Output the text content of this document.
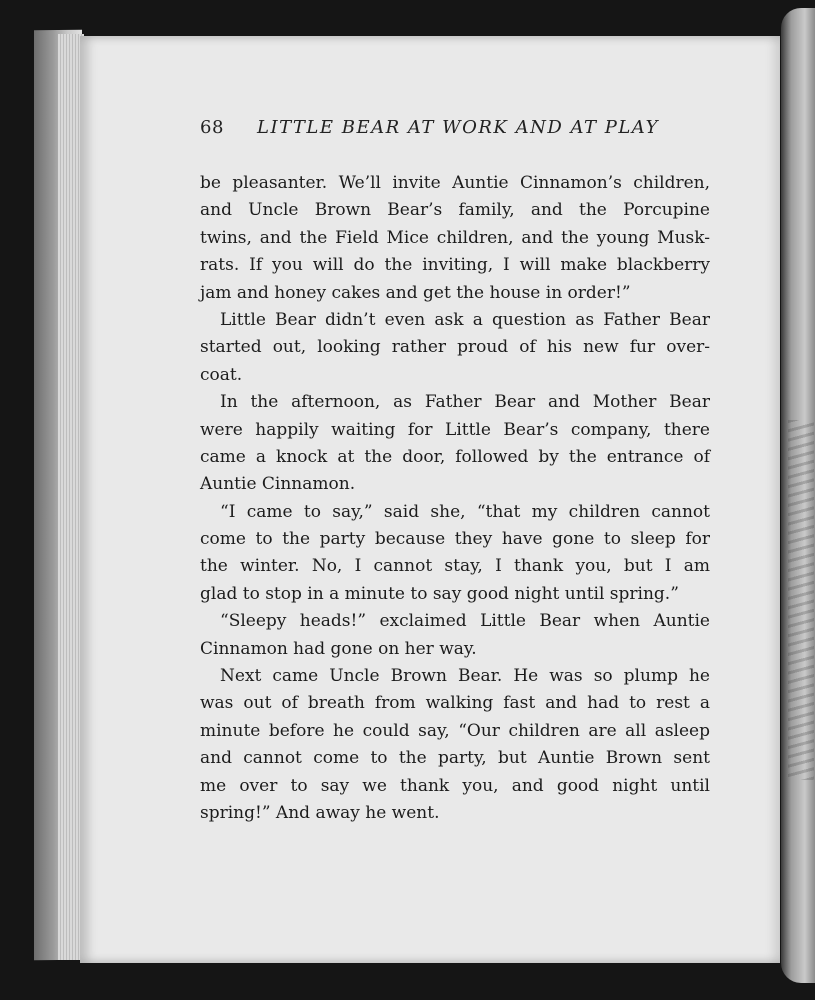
68 LITTLE BEAR AT WORK AND AT PLAY
be pleasanter. We’ll invite Auntie Cinnamon’s children,
and Uncle Brown Bear’s family, and the Porcupine
twins, and the Field Mice children, and the young Musk-
rats. If you will do the inviting, I will make blackberry
jam and honey cakes and get the house in order!”
Little Bear didn’t even ask a question as Father Bear
started out, looking rather proud of his new fur over-
coat.
In the afternoon, as Father Bear and Mother Bear
were happily waiting for Little Bear’s company, there
came a knock at the door, followed by the entrance of
Auntie Cinnamon.
“I came to say,” said she, “that my children cannot
come to the party because they have gone to sleep for
the winter. No, I cannot stay, I thank you, but I am
glad to stop in a minute to say good night until spring.”
“Sleepy heads!” exclaimed Little Bear when Auntie
Cinnamon had gone on her way.
Next came Uncle Brown Bear. He was so plump he
was out of breath from walking fast and had to rest a
minute before he could say, “Our children are all asleep
and cannot come to the party, but Auntie Brown sent
me over to say we thank you, and good night until
spring!” And away he went.
